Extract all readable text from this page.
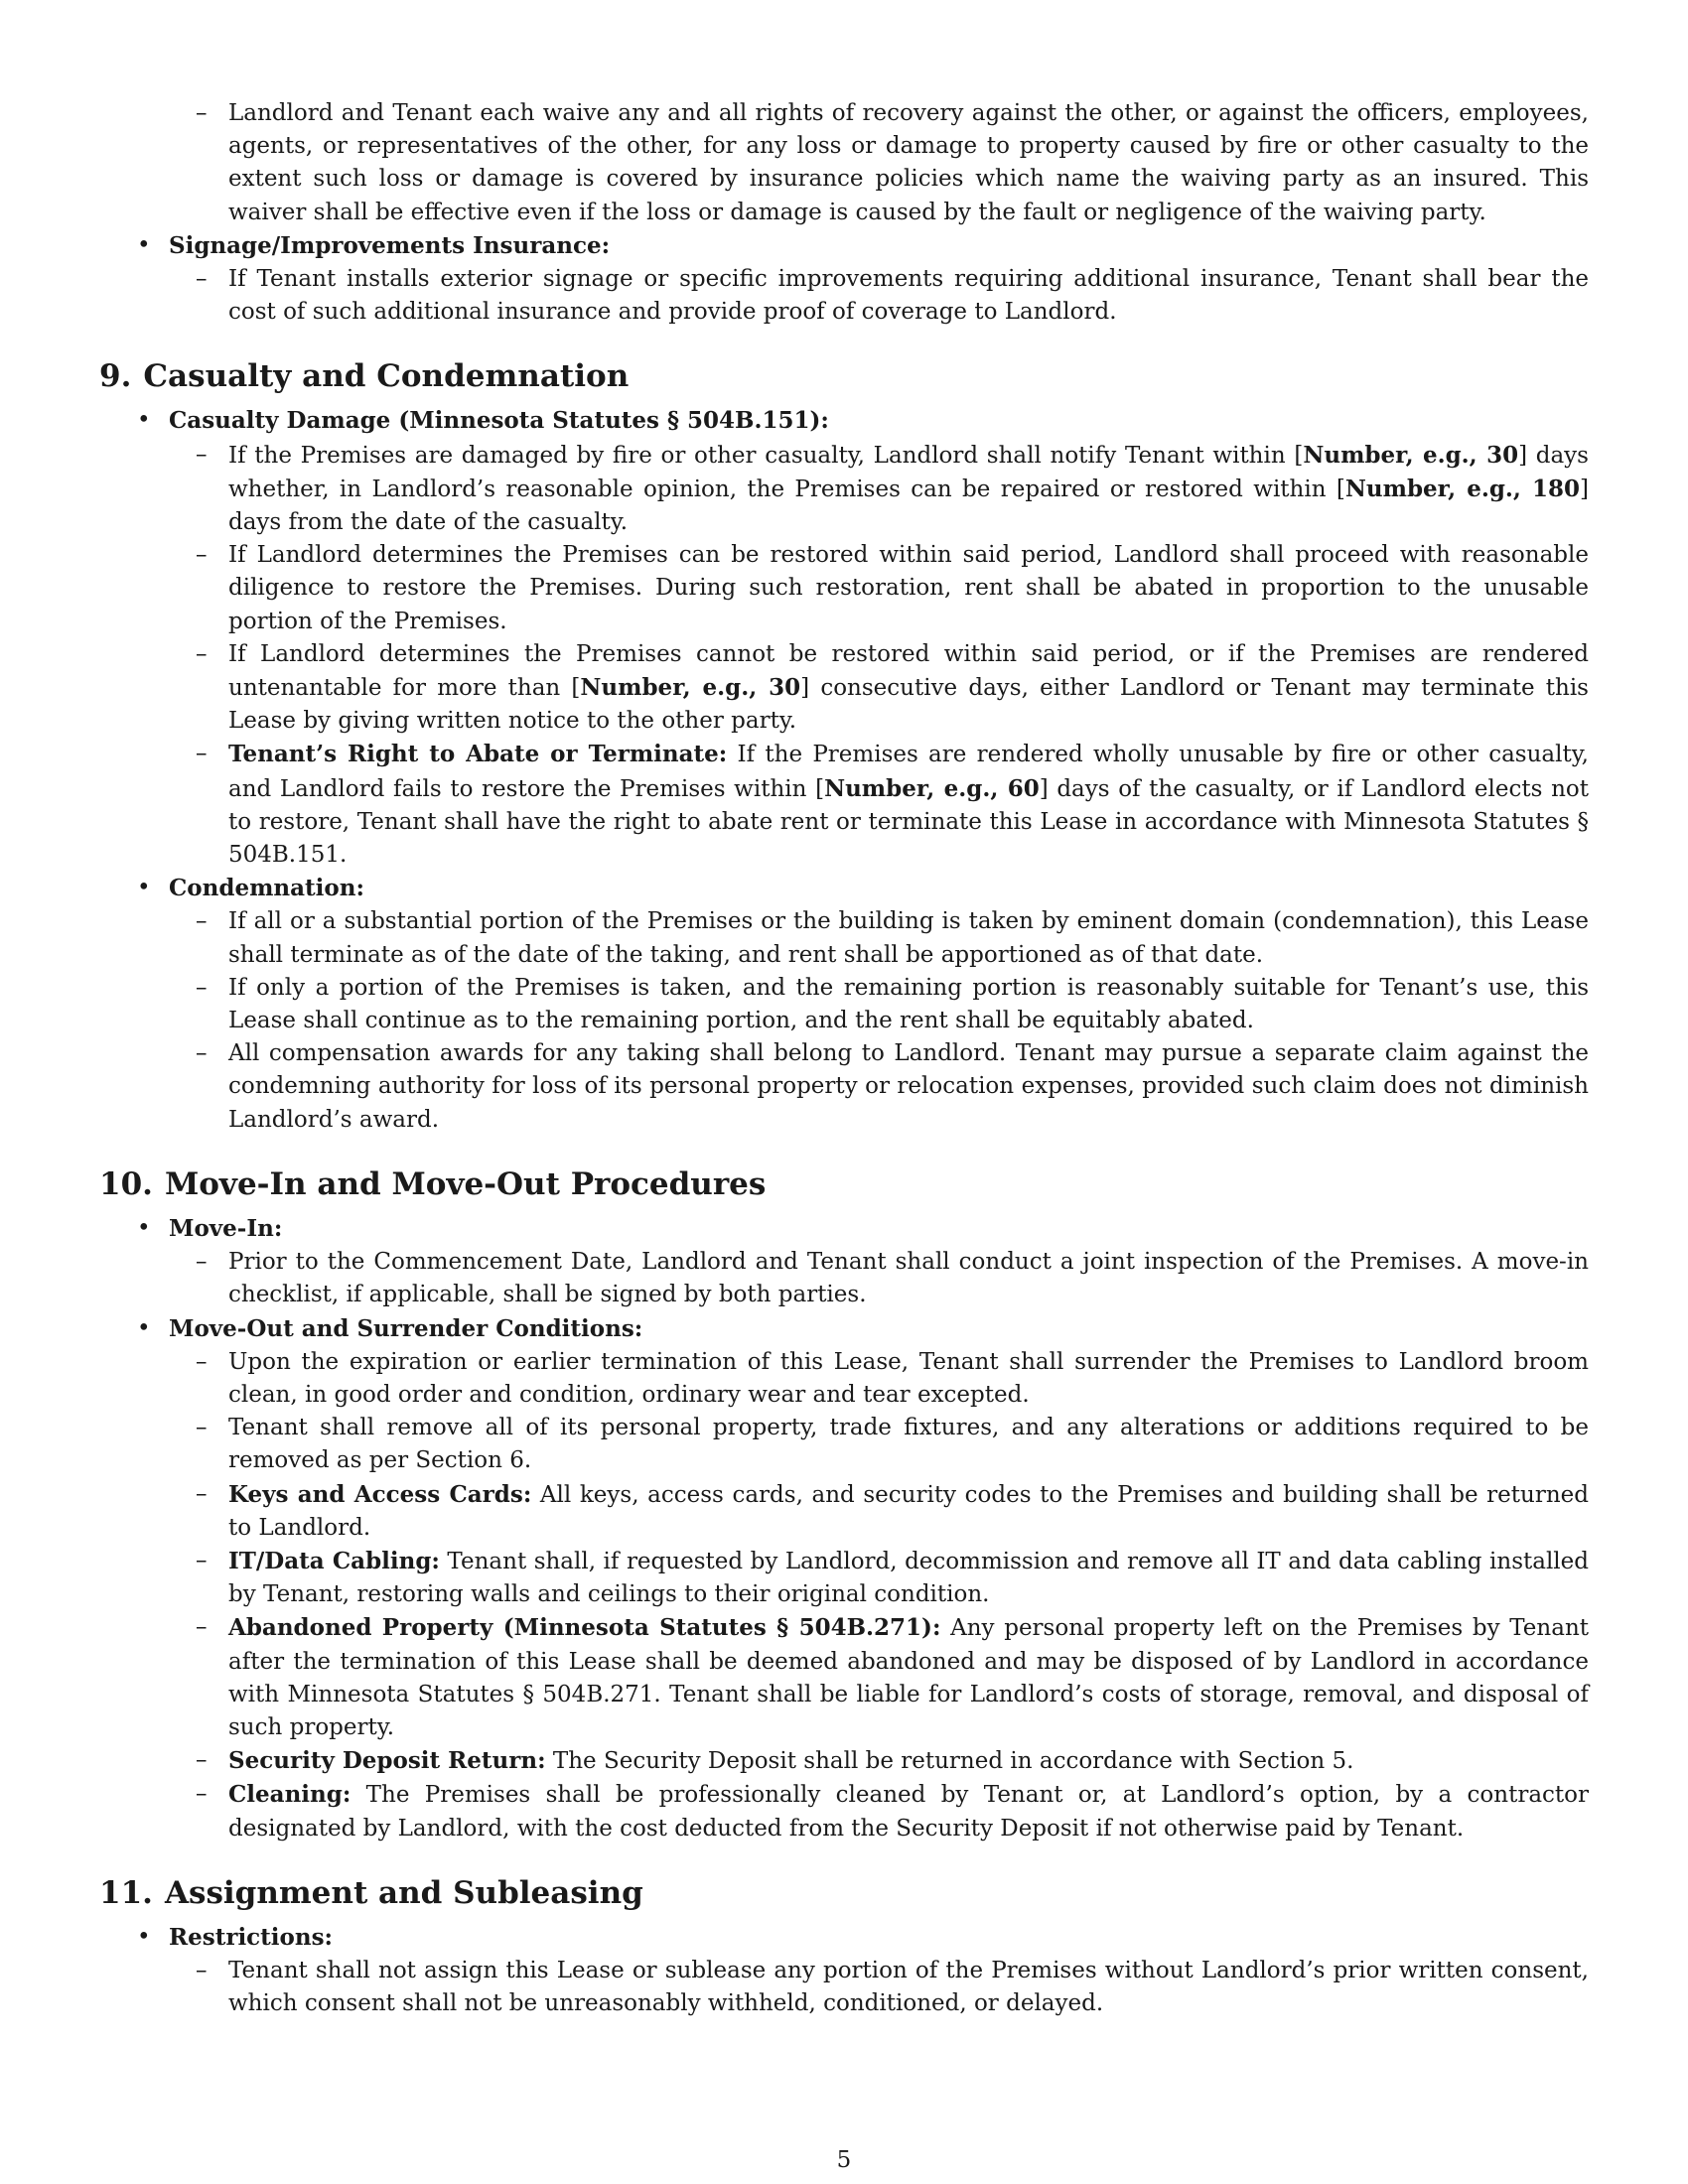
– Landlord and Tenant each waive any and all rights of recovery against the other, or against the officers, employees, agents, or representatives of the other, for any loss or damage to property caused by fire or other casualty to the extent such loss or damage is covered by insurance policies which name the waiving party as an insured. This waiver shall be effective even if the loss or damage is caused by the fault or negligence of the waiving party.
• Signage/Improvements Insurance:
– If Tenant installs exterior signage or specific improvements requiring additional insurance, Tenant shall bear the cost of such additional insurance and provide proof of coverage to Landlord.
9. Casualty and Condemnation
• Casualty Damage (Minnesota Statutes § 504B.151):
– If the Premises are damaged by fire or other casualty, Landlord shall notify Tenant within [Number, e.g., 30] days whether, in Landlord’s reasonable opinion, the Premises can be repaired or restored within [Number, e.g., 180] days from the date of the casualty.
– If Landlord determines the Premises can be restored within said period, Landlord shall proceed with reasonable diligence to restore the Premises. During such restoration, rent shall be abated in proportion to the unusable portion of the Premises.
– If Landlord determines the Premises cannot be restored within said period, or if the Premises are rendered untenantable for more than [Number, e.g., 30] consecutive days, either Landlord or Tenant may terminate this Lease by giving written notice to the other party.
– Tenant’s Right to Abate or Terminate: If the Premises are rendered wholly unusable by fire or other casualty, and Landlord fails to restore the Premises within [Number, e.g., 60] days of the casualty, or if Landlord elects not to restore, Tenant shall have the right to abate rent or terminate this Lease in accordance with Minnesota Statutes § 504B.151.
• Condemnation:
– If all or a substantial portion of the Premises or the building is taken by eminent domain (condemnation), this Lease shall terminate as of the date of the taking, and rent shall be apportioned as of that date.
– If only a portion of the Premises is taken, and the remaining portion is reasonably suitable for Tenant’s use, this Lease shall continue as to the remaining portion, and the rent shall be equitably abated.
– All compensation awards for any taking shall belong to Landlord. Tenant may pursue a separate claim against the condemning authority for loss of its personal property or relocation expenses, provided such claim does not diminish Landlord’s award.
10. Move-In and Move-Out Procedures
• Move-In:
– Prior to the Commencement Date, Landlord and Tenant shall conduct a joint inspection of the Premises. A move-in checklist, if applicable, shall be signed by both parties.
• Move-Out and Surrender Conditions:
– Upon the expiration or earlier termination of this Lease, Tenant shall surrender the Premises to Landlord broom clean, in good order and condition, ordinary wear and tear excepted.
– Tenant shall remove all of its personal property, trade fixtures, and any alterations or additions required to be removed as per Section 6.
– Keys and Access Cards: All keys, access cards, and security codes to the Premises and building shall be returned to Landlord.
– IT/Data Cabling: Tenant shall, if requested by Landlord, decommission and remove all IT and data cabling installed by Tenant, restoring walls and ceilings to their original condition.
– Abandoned Property (Minnesota Statutes § 504B.271): Any personal property left on the Premises by Tenant after the termination of this Lease shall be deemed abandoned and may be disposed of by Landlord in accordance with Minnesota Statutes § 504B.271. Tenant shall be liable for Landlord’s costs of storage, removal, and disposal of such property.
– Security Deposit Return: The Security Deposit shall be returned in accordance with Section 5.
– Cleaning: The Premises shall be professionally cleaned by Tenant or, at Landlord’s option, by a contractor designated by Landlord, with the cost deducted from the Security Deposit if not otherwise paid by Tenant.
11. Assignment and Subleasing
• Restrictions:
– Tenant shall not assign this Lease or sublease any portion of the Premises without Landlord’s prior written consent, which consent shall not be unreasonably withheld, conditioned, or delayed.
5
